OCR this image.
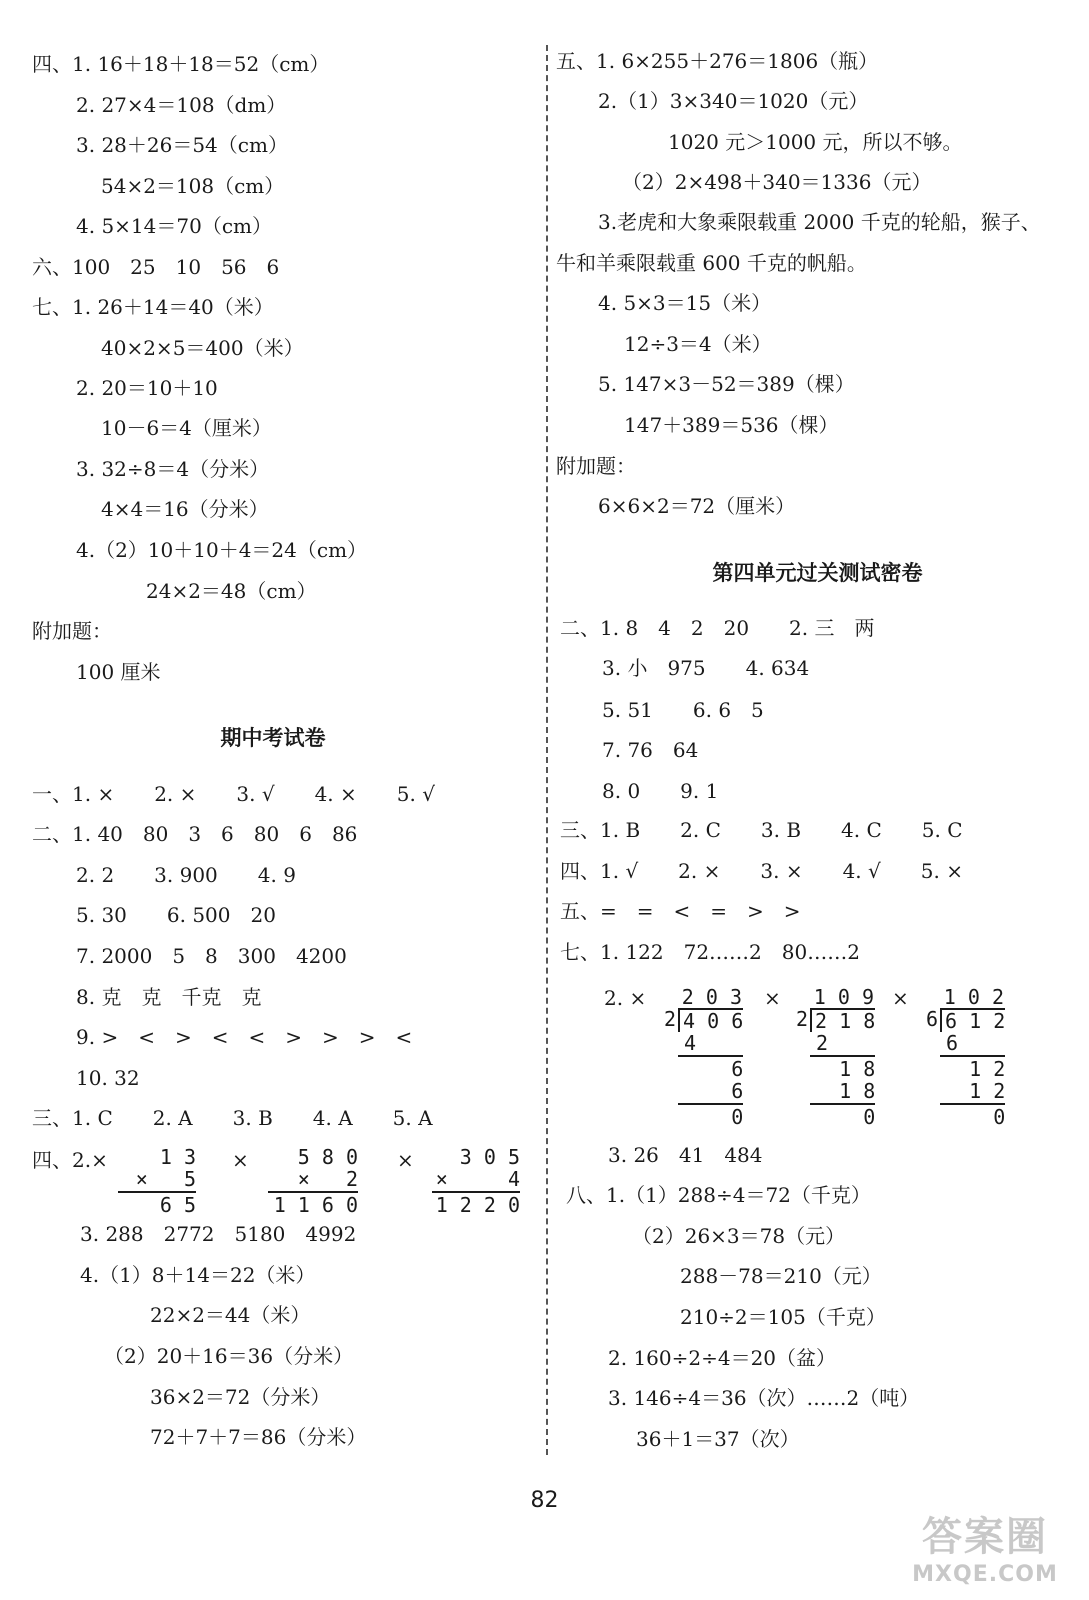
四、1. 16＋18＋18＝52（cm）
2. 27×4＝108（dm）
3. 28＋26＝54（cm）
54×2＝108（cm）
4. 5×14＝70（cm）
六、100　25　10　56　6
七、1. 26＋14＝40（米）
40×2×5＝400（米）
2. 20＝10＋10
10－6＝4（厘米）
3. 32÷8＝4（分米）
4×4＝16（分米）
4.（2）10＋10＋4＝24（cm）
24×2＝48（cm）
附加题：
100 厘米
期中考试卷
一、1. ×　　2. ×　　3. √　　4. ×　　5. √
二、1. 40　80　3　6　80　6　86
2. 2　　3. 900　　4. 9
5. 30　　6. 500　20
7. 2000　5　8　300　4200
8. 克　克　千克　克
9. >　<　>　<　<　>　>　>　<
10. 32
三、1. C　　2. A　　3. B　　4. A　　5. A
四、2.×	1 3
×   5
6 5
×	5 8 0
×   2
1 1 6 0
×	3 0 5
×     4
1 2 2 0
3. 288　2772　5180　4992
4.（1）8＋14＝22（米）
22×2＝44（米）
（2）20＋16＝36（分米）
36×2＝72（分米）
72＋7＋7＝86（分米）
五、1. 6×255＋276＝1806（瓶）
2.（1）3×340＝1020（元）
1020 元＞1000 元，所以不够。
（2）2×498＋340＝1336（元）
3.老虎和大象乘限载重 2000 千克的轮船，猴子、
牛和羊乘限载重 600 千克的帆船。
4. 5×3＝15（米）
12÷3＝4（米）
5. 147×3－52＝389（棵）
147＋389＝536（棵）
附加题：
6×6×2＝72（厘米）
第四单元过关测试密卷
二、1. 8　4　2　20　　2. 三　两
3. 小　975　　4. 634
5. 51　　6. 6　5
7. 76　64
8. 0　　9. 1
三、1. B　　2. C　　3. B　　4. C　　5. C
四、1. √　　2. ×　　3. ×　　4. √　　5. ×
五、=　=　<　=　>　>
七、1. 122　72……2　80……2
2. ×	2 0 3
2 4 0 6
4
6
6
0
×	1 0 9
2 2 1 8
2
1 8
1 8
0
×	1 0 2
6 6 1 2
6
1 2
1 2
0
3. 26　41　484
八、1.（1）288÷4＝72（千克）
（2）26×3＝78（元）
288－78＝210（元）
210÷2＝105（千克）
2. 160÷2÷4＝20（盆）
3. 146÷4＝36（次）……2（吨）
36＋1＝37（次）
82
答案圈
MXQE.COM
